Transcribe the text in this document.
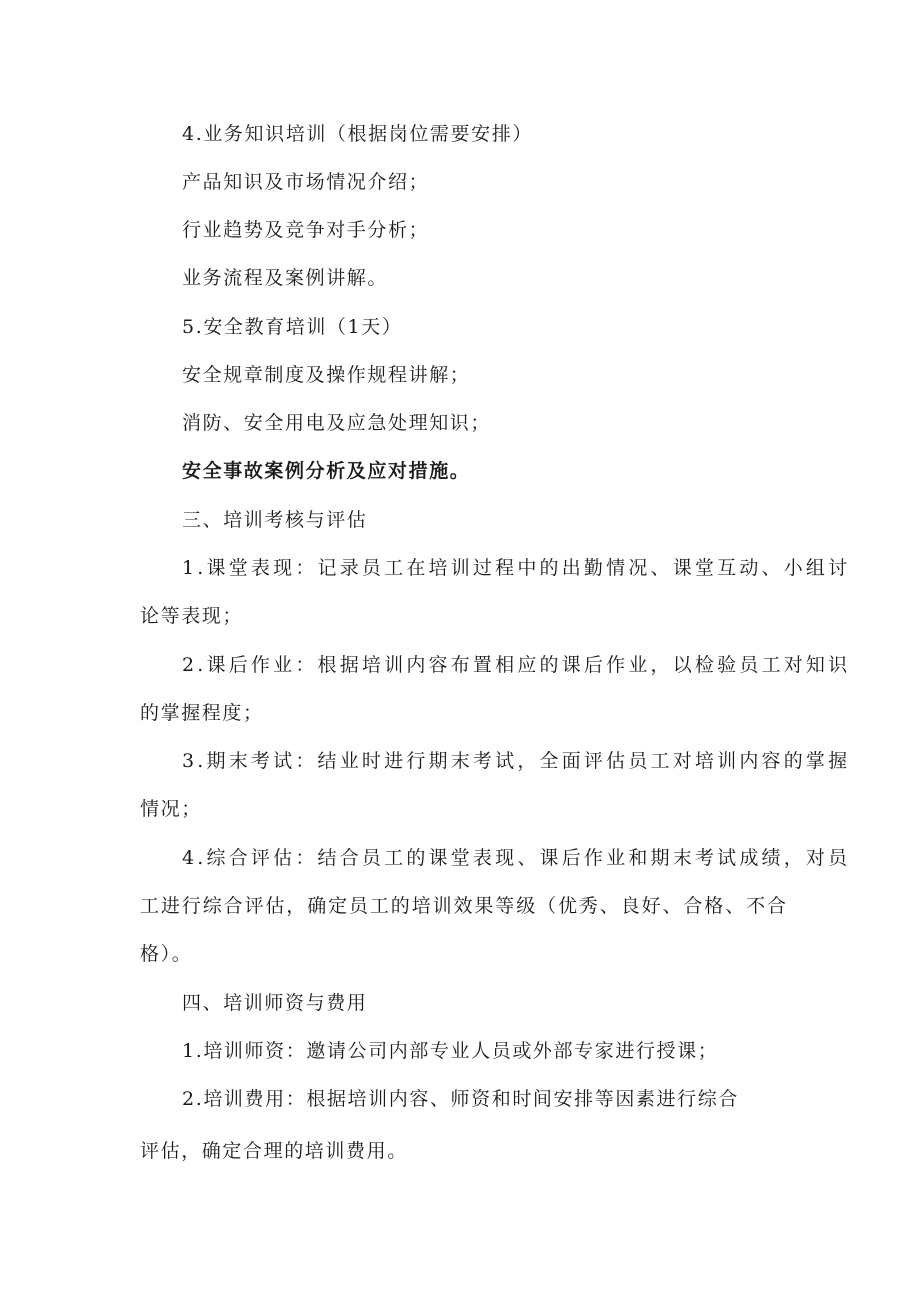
4.业务知识培训（根据岗位需要安排）
产品知识及市场情况介绍；
行业趋势及竞争对手分析；
业务流程及案例讲解。
5.安全教育培训（1天）
安全规章制度及操作规程讲解；
消防、安全用电及应急处理知识；
安全事故案例分析及应对措施。
三、培训考核与评估
1.课堂表现：记录员工在培训过程中的出勤情况、课堂互动、小组讨
论等表现；
2.课后作业：根据培训内容布置相应的课后作业，以检验员工对知识
的掌握程度；
3.期末考试：结业时进行期末考试，全面评估员工对培训内容的掌握
情况；
4.综合评估：结合员工的课堂表现、课后作业和期末考试成绩，对员
工进行综合评估，确定员工的培训效果等级（优秀、良好、合格、不合
格）。
四、培训师资与费用
1.培训师资：邀请公司内部专业人员或外部专家进行授课；
2.培训费用：根据培训内容、师资和时间安排等因素进行综合
评估，确定合理的培训费用。
